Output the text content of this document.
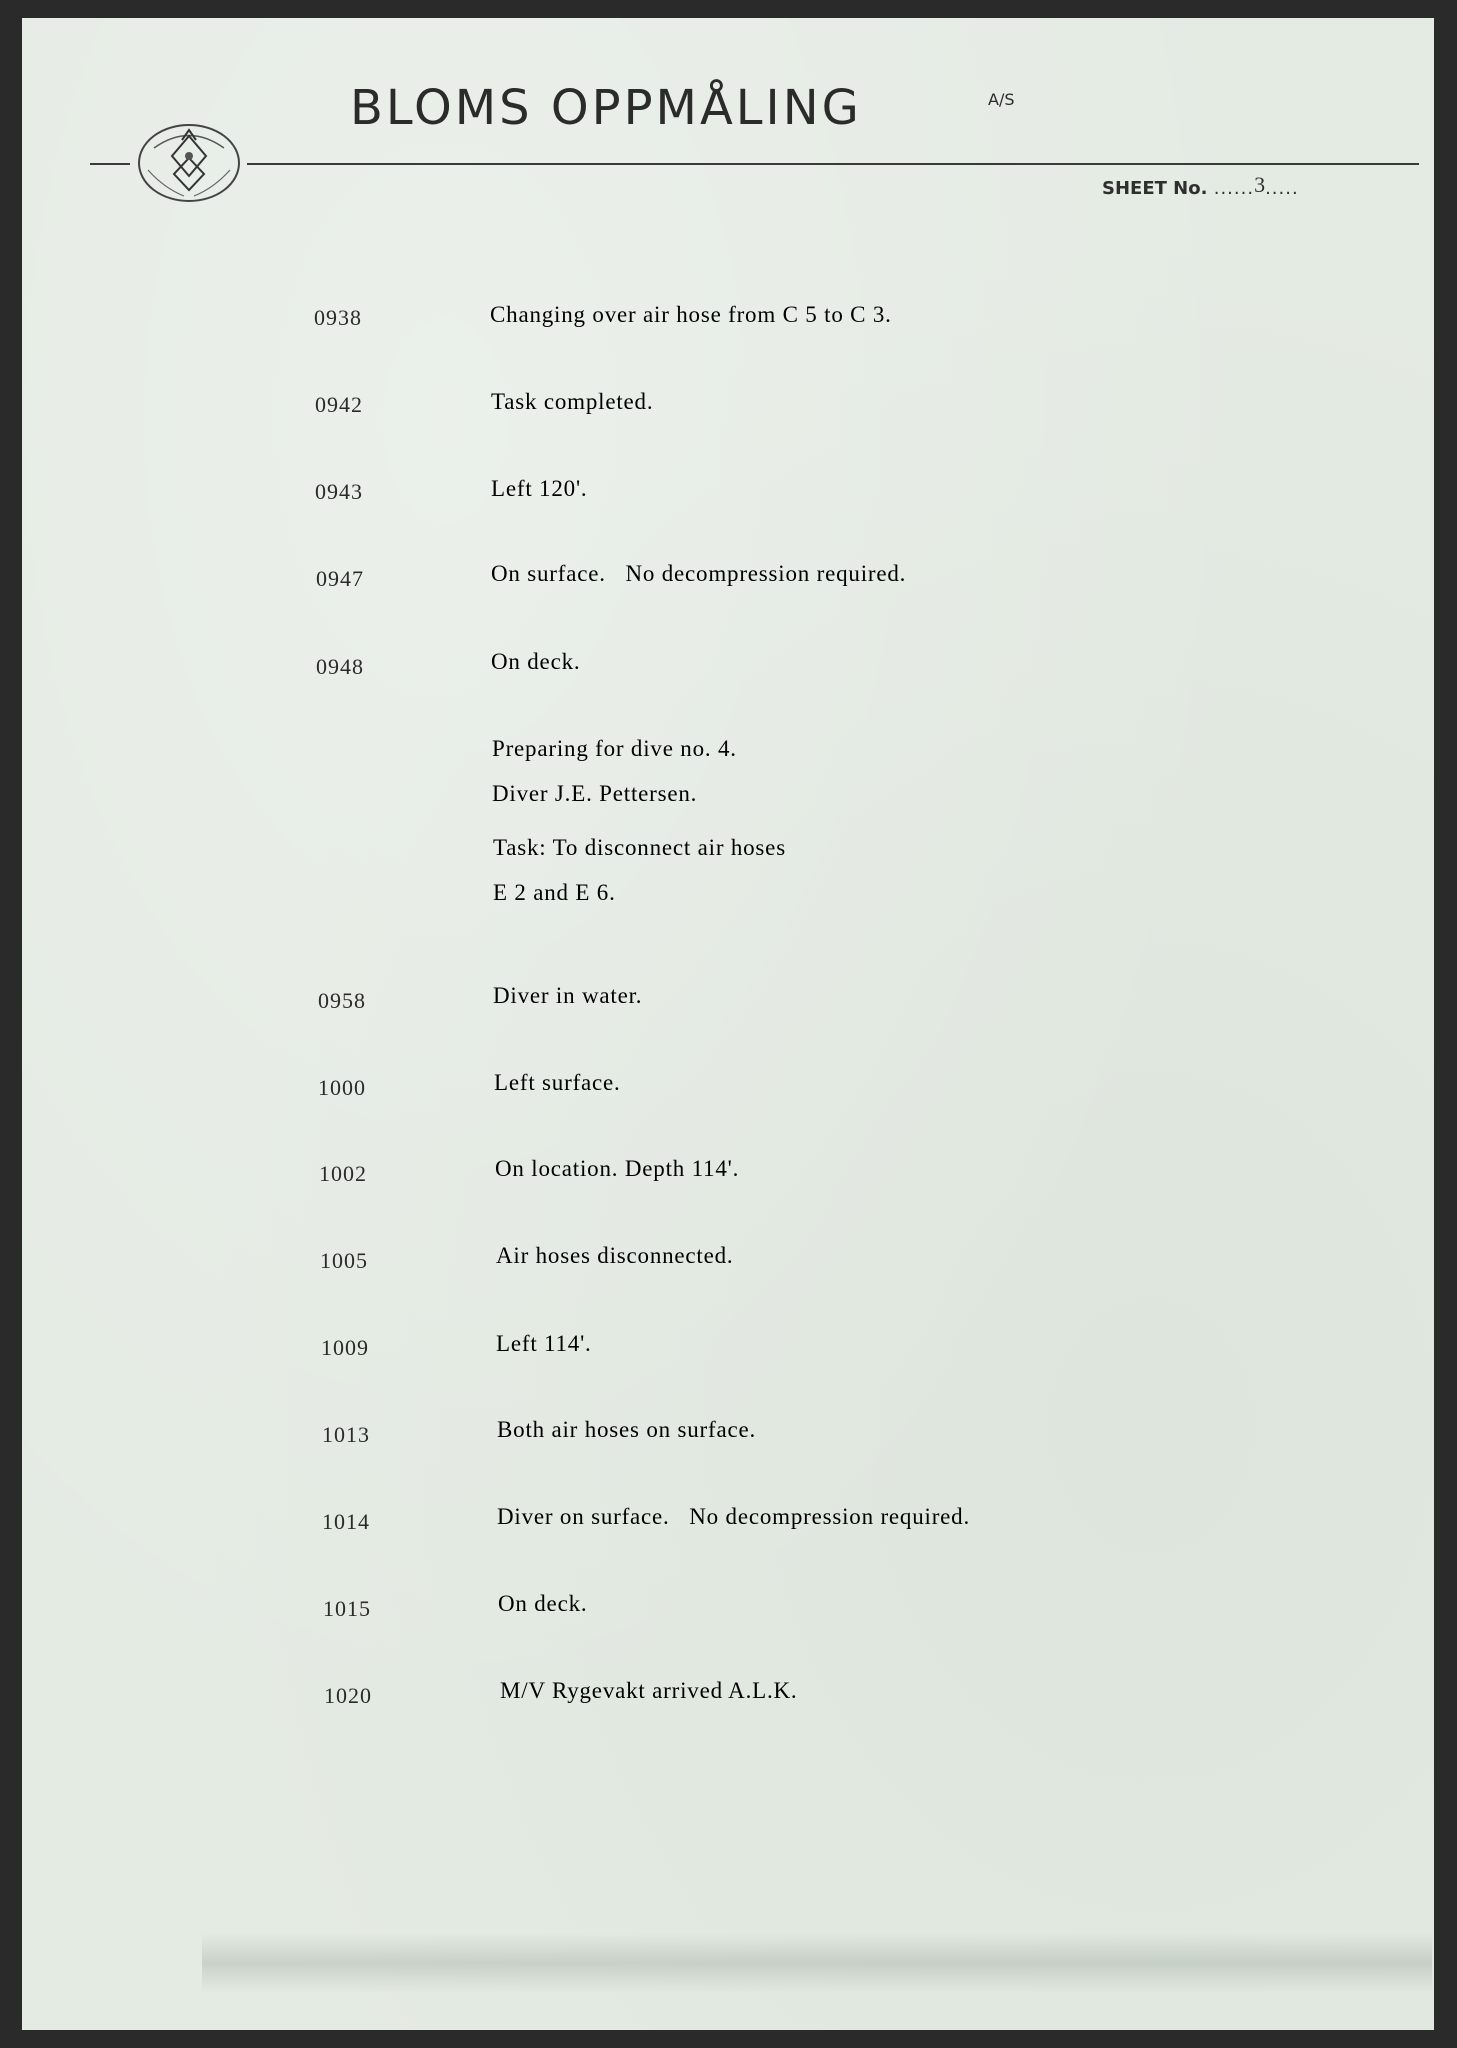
BLOMS OPPMÅLING	A/S
SHEET No. ......3.....
0938	Changing over air hose from C 5 to C 3.
0942	Task completed.
0943	Left 120'.
0947	On surface.   No decompression required.
0948	On deck.
Preparing for dive no. 4.
Diver J.E. Pettersen.
Task: To disconnect air hoses
E 2 and E 6.
0958	Diver in water.
1000	Left surface.
1002	On location. Depth 114'.
1005	Air hoses disconnected.
1009	Left 114'.
1013	Both air hoses on surface.
1014	Diver on surface.   No decompression required.
1015	On deck.
1020	M/V Rygevakt arrived A.L.K.
